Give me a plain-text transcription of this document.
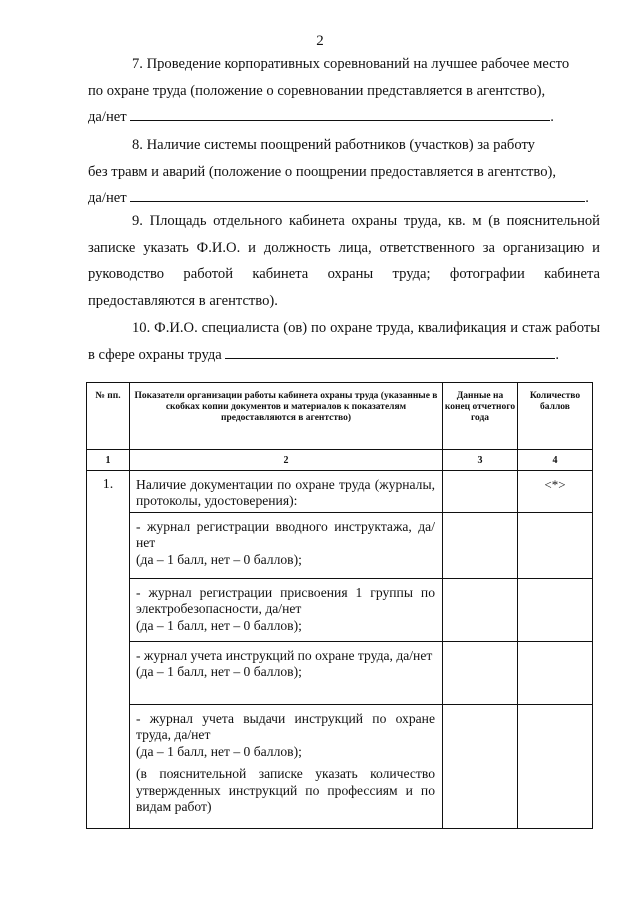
2

7. Проведение корпоративных соревнований на лучшее рабочее место

по охране труда (положение о соревновании представляется в агентство),

да/нет	.

8. Наличие системы поощрений работников (участков) за работу

без травм и аварий (положение о поощрении предоставляется в агентство),

да/нет	.

9. Площадь отдельного кабинета охраны труда, кв. м (в пояснительной записке указать Ф.И.О. и должность лица, ответственного за организацию и руководство работой кабинета охраны труда; фотографии кабинета предоставляются в агентство).

10. Ф.И.О. специалиста (ов) по охране труда, квалификация и стаж работы в сфере охраны труда	.

№ пп.	Показатели организации работы кабинета охраны труда (указанные в скобках копии документов и материалов к показателям предоставляются в агентство)	Данные на конец отчетного года	Количество баллов
1	2	3	4
1.	Наличие документации по охране труда (журналы, протоколы, удостоверения):		<*>

	- журнал регистрации вводного инструктажа, да/нет
(да – 1 балл, нет – 0 баллов);		

	- журнал регистрации присвоения 1 группы по электробезопасности, да/нет
(да – 1 балл, нет – 0 баллов);		

	- журнал учета инструкций по охране труда, да/нет
(да – 1 балл, нет – 0 баллов);		

	- журнал учета выдачи инструкций по охране труда, да/нет
(да – 1 балл, нет – 0 баллов);
(в пояснительной записке указать количество утвержденных инструкций по профессиям и по видам работ)		
